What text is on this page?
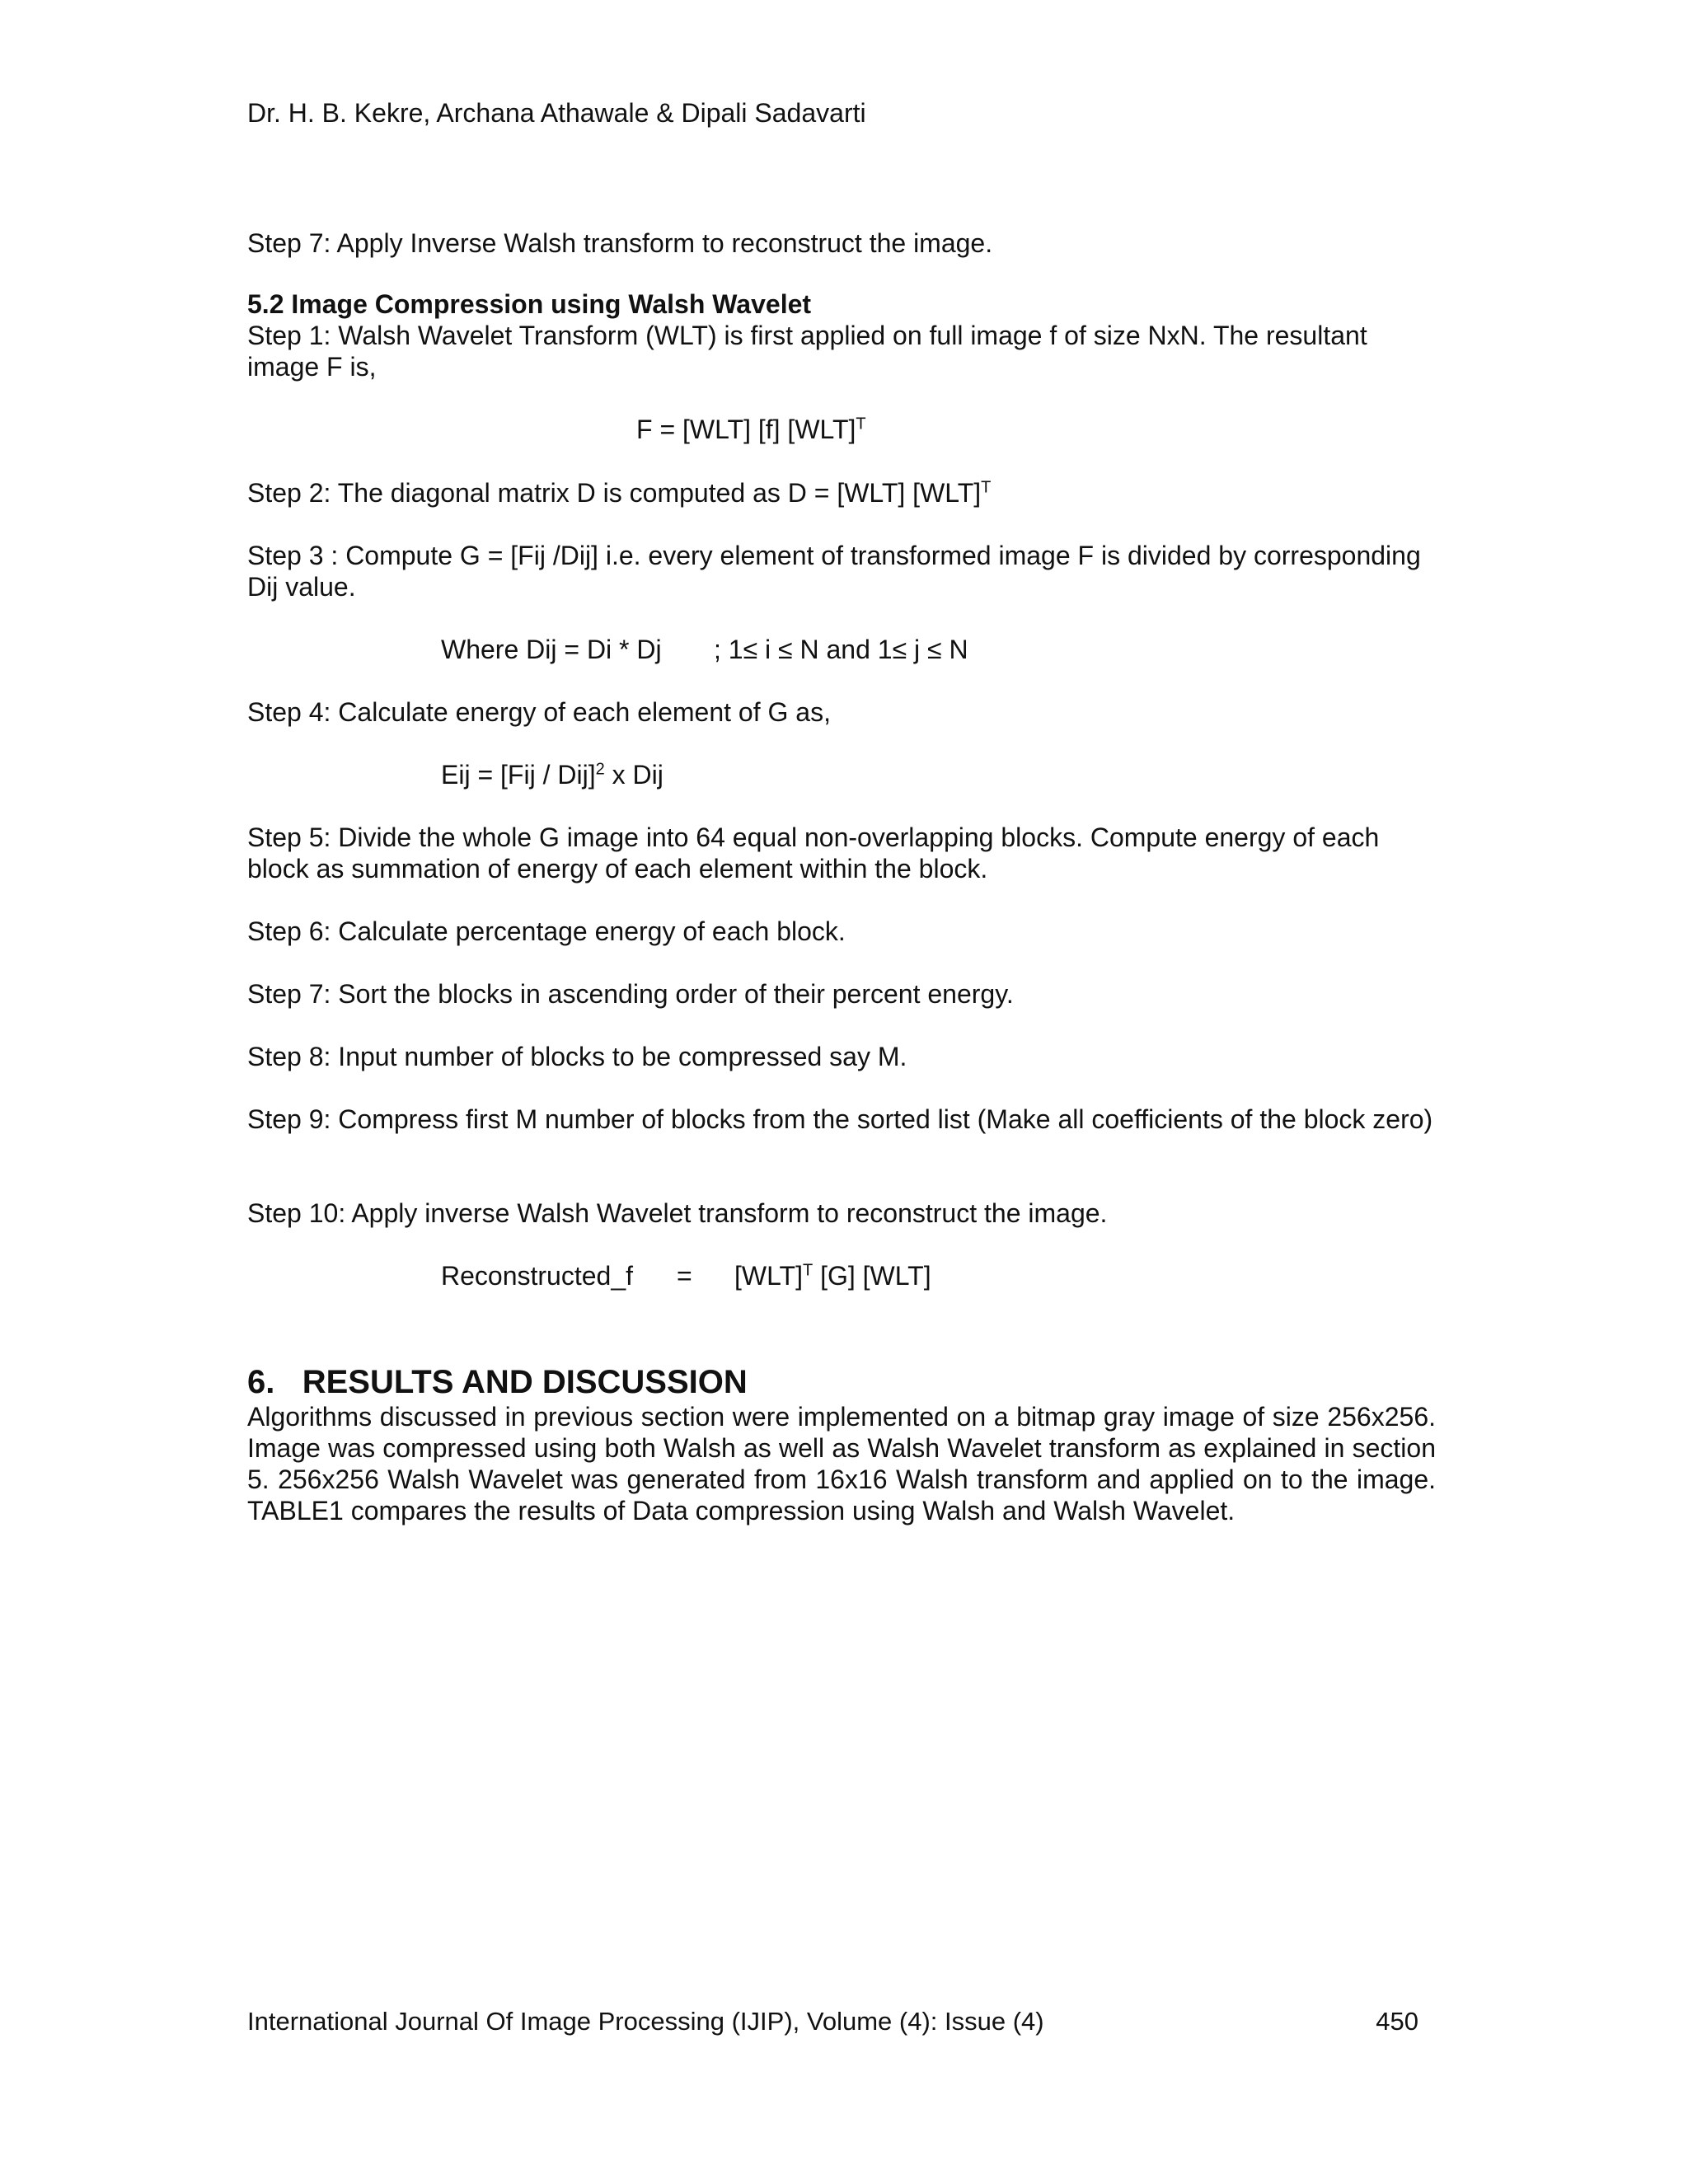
Dr. H. B. Kekre, Archana Athawale & Dipali Sadavarti
Step 7: Apply Inverse Walsh transform to reconstruct the image.
5.2 Image Compression using Walsh Wavelet
Step 1: Walsh Wavelet Transform (WLT) is first applied on full image f of size NxN. The resultant image F is,
F = [WLT] [f] [WLT]$^T$
Step 2: The diagonal matrix D is computed as D = [WLT] [WLT]$^T$
Step 3 : Compute G = [Fij /Dij] i.e. every element of transformed image F is divided by corresponding Dij value.
Where Dij = Di * Dj ; 1≤ i ≤ N and 1≤ j ≤ N
Step 4: Calculate energy of each element of G as,
Eij = [Fij / Dij]$^2$ x Dij
Step 5: Divide the whole G image into 64 equal non-overlapping blocks. Compute energy of each block as summation of energy of each element within the block.
Step 6: Calculate percentage energy of each block.
Step 7: Sort the blocks in ascending order of their percent energy.
Step 8: Input number of blocks to be compressed say M.
Step 9: Compress first M number of blocks from the sorted list (Make all coefficients of the block zero)
Step 10: Apply inverse Walsh Wavelet transform to reconstruct the image.
Reconstructed_f = [WLT]$^T$ [G] [WLT]
6.   RESULTS AND DISCUSSION
Algorithms discussed in previous section were implemented on a bitmap gray image of size 256x256. Image was compressed using both Walsh as well as Walsh Wavelet transform as explained in section 5. 256x256 Walsh Wavelet was generated from 16x16 Walsh transform and applied on to the image. TABLE1 compares the results of Data compression using Walsh and Walsh Wavelet.
International Journal Of Image Processing (IJIP), Volume (4): Issue (4)	450
